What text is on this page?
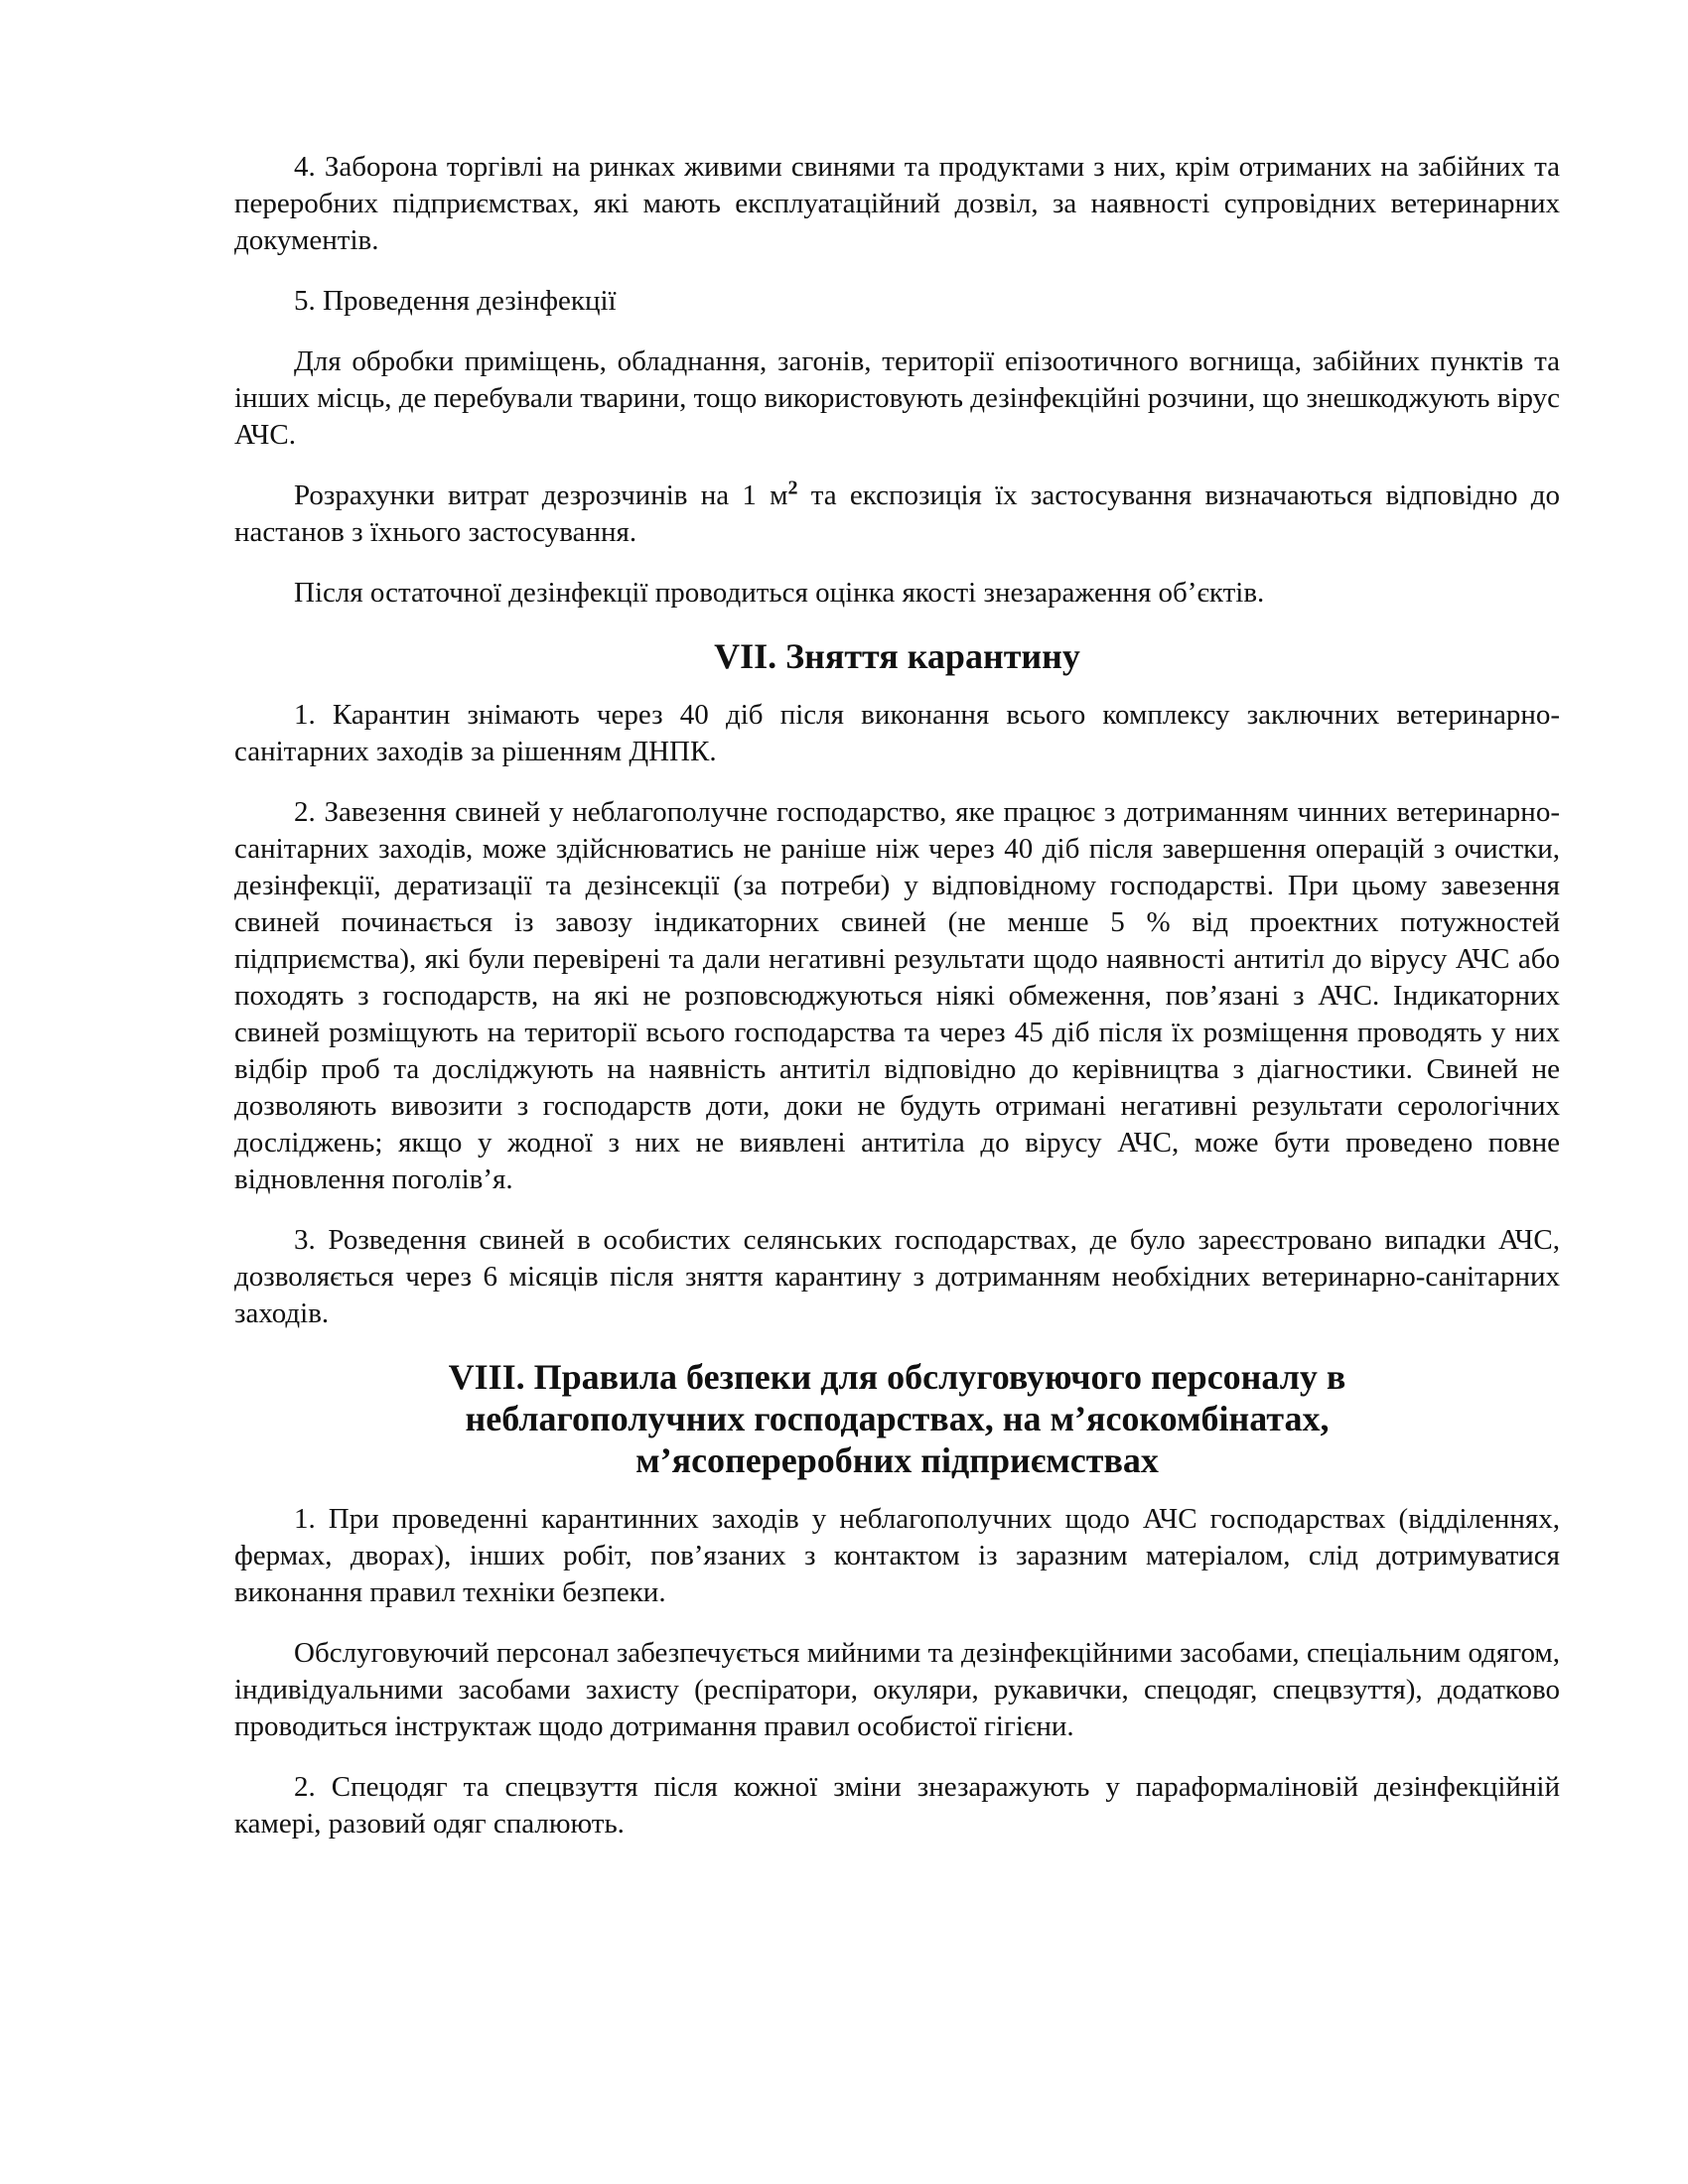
4. Заборона торгівлі на ринках живими свинями та продуктами з них, крім отриманих на забійних та переробних підприємствах, які мають експлуатаційний дозвіл, за наявності супровідних ветеринарних документів.

5. Проведення дезінфекції

Для обробки приміщень, обладнання, загонів, території епізоотичного вогнища, забійних пунктів та інших місць, де перебували тварини, тощо використовують дезінфекційні розчини, що знешкоджують вірус АЧС.

Розрахунки витрат дезрозчинів на 1 $м^2$ та експозиція їх застосування визначаються відповідно до настанов з їхнього застосування.

Після остаточної дезінфекції проводиться оцінка якості знезараження об’єктів.

VII. Зняття карантину

1. Карантин знімають через 40 діб після виконання всього комплексу заключних ветеринарно-санітарних заходів за рішенням ДНПК.

2. Завезення свиней у неблагополучне господарство, яке працює з дотриманням чинних ветеринарно-санітарних заходів, може здійснюватись не раніше ніж через 40 діб після завершення операцій з очистки, дезінфекції, дератизації та дезінсекції (за потреби) у відповідному господарстві. При цьому завезення свиней починається із завозу індикаторних свиней (не менше 5 % від проектних потужностей підприємства), які були перевірені та дали негативні результати щодо наявності антитіл до вірусу АЧС або походять з господарств, на які не розповсюджуються ніякі обмеження, пов’язані з АЧС. Індикаторних свиней розміщують на території всього господарства та через 45 діб після їх розміщення проводять у них відбір проб та досліджують на наявність антитіл відповідно до керівництва з діагностики. Свиней не дозволяють вивозити з господарств доти, доки не будуть отримані негативні результати серологічних досліджень; якщо у жодної з них не виявлені антитіла до вірусу АЧС, може бути проведено повне відновлення поголів’я.

3. Розведення свиней в особистих селянських господарствах, де було зареєстровано випадки АЧС, дозволяється через 6 місяців після зняття карантину з дотриманням необхідних ветеринарно-санітарних заходів.

VIII. Правила безпеки для обслуговуючого персоналу в
неблагополучних господарствах, на м’ясокомбінатах,
м’ясопереробних підприємствах

1. При проведенні карантинних заходів у неблагополучних щодо АЧС господарствах (відділеннях, фермах, дворах), інших робіт, пов’язаних з контактом із заразним матеріалом, слід дотримуватися виконання правил техніки безпеки.

Обслуговуючий персонал забезпечується мийними та дезінфекційними засобами, спеціальним одягом, індивідуальними засобами захисту (респіратори, окуляри, рукавички, спецодяг, спецвзуття), додатково проводиться інструктаж щодо дотримання правил особистої гігієни.

2. Спецодяг та спецвзуття після кожної зміни знезаражують у параформаліновій дезінфекційній камері, разовий одяг спалюють.
